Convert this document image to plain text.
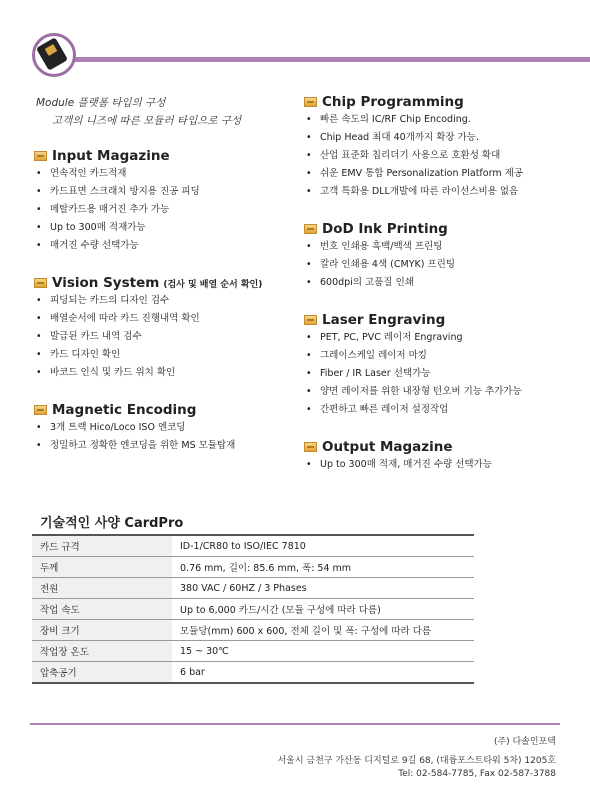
Module 플랫폼 타입의 구성
고객의 니즈에 따른 모듈러 타입으로 구성
Input Magazine
• 연속적인 카드적재
• 카드표면 스크래치 방지용 진공 피딩
• 메탈카드용 매거진 추가 가능
• Up to 300매 적재가능
• 매거진 수량 선택가능
Vision System (검사 및 배열 순서 확인)
• 피딩되는 카드의 디자인 검수
• 배열순서에 따라 카드 진행내역 확인
• 발급된 카드 내역 검수
• 카드 디자인 확인
• 바코드 인식 및 카드 위치 확인
Magnetic Encoding
• 3개 트랙 Hico/Loco ISO 엔코딩
• 정밀하고 정확한 엔코딩을 위한 MS 모듈탑재
Chip Programming
• 빠른 속도의 IC/RF Chip Encoding.
• Chip Head 최대 40개까지 확장 가능.
• 산업 표준화 칩리더기 사용으로 호환성 확대
• 쉬운 EMV 통합 Personalization Platform 제공
• 고객 특화용 DLL개발에 따른 라이선스비용 없음
DoD Ink Printing
• 번호 인쇄용 흑백/백색 프린팅
• 칼라 인쇄용 4색 (CMYK) 프린팅
• 600dpi의 고품질 인쇄
Laser Engraving
• PET, PC, PVC 레이저 Engraving
• 그레이스케일 레이저 마킹
• Fiber / IR Laser 선택가능
• 양면 레이저를 위한 내장형 턴오버 기능 추가가능
• 간편하고 빠른 레이저 설정작업
Output Magazine
• Up to 300매 적재, 매거진 수량 선택가능
기술적인 사양 CardPro
카드 규격	ID-1/CR80 to ISO/IEC 7810
두께	0.76 mm, 길이: 85.6 mm, 폭: 54 mm
전원	380 VAC / 60HZ / 3 Phases
작업 속도	Up to 6,000 카드/시간 (모듈 구성에 따라 다름)
장비 크기	모듈당(mm) 600 x 600, 전체 길이 및 폭: 구성에 따라 다름
작업장 온도	15 ~ 30℃
압축공기	6 bar
(주) 다솔인포텍
서울시 금천구 가산동 디지털로 9길 68, (대륭포스트타워 5차) 1205호
Tel: 02-584-7785, Fax 02-587-3788
